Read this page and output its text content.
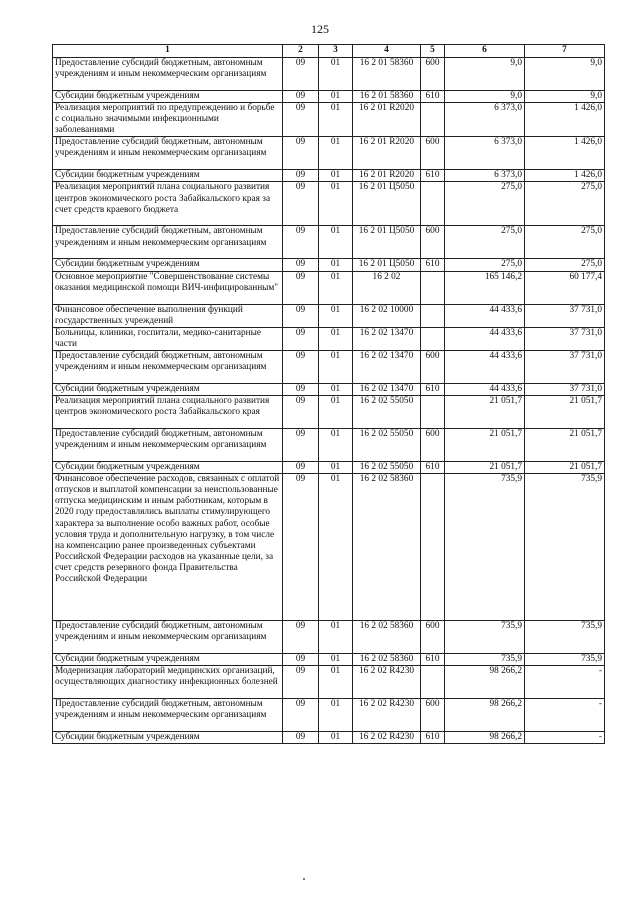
125
1	2	3	4	5	6	7
Предоставление субсидий бюджетным, автономным учреждениям и иным некоммерческим организациям	09	01	16 2 01 58360	600	9,0	9,0
Субсидии бюджетным учреждениям	09	01	16 2 01 58360	610	9,0	9,0
Реализация мероприятий по предупреждению и борьбе с социально значимыми инфекционными заболеваниями	09	01	16 2 01 R2020		6 373,0	1 426,0
Предоставление субсидий бюджетным, автономным учреждениям и иным некоммерческим организациям	09	01	16 2 01 R2020	600	6 373,0	1 426,0
Субсидии бюджетным учреждениям	09	01	16 2 01 R2020	610	6 373,0	1 426,0
Реализация мероприятий плана социального развития центров экономического роста Забайкальского края за счет средств краевого бюджета	09	01	16 2 01 Ц5050		275,0	275,0
Предоставление субсидий бюджетным, автономным учреждениям и иным некоммерческим организациям	09	01	16 2 01 Ц5050	600	275,0	275,0
Субсидии бюджетным учреждениям	09	01	16 2 01 Ц5050	610	275,0	275,0
Основное мероприятие "Совершенствование системы оказания медицинской помощи ВИЧ-инфицированным"	09	01	16 2 02		165 146,2	60 177,4
Финансовое обеспечение выполнения функций государственных учреждений	09	01	16 2 02 10000		44 433,6	37 731,0
Больницы, клиники, госпитали, медико-санитарные части	09	01	16 2 02 13470		44 433,6	37 731,0
Предоставление субсидий бюджетным, автономным учреждениям и иным некоммерческим организациям	09	01	16 2 02 13470	600	44 433,6	37 731,0
Субсидии бюджетным учреждениям	09	01	16 2 02 13470	610	44 433,6	37 731,0
Реализация мероприятий плана социального развития центров экономического роста Забайкальского края	09	01	16 2 02 55050		21 051,7	21 051,7
Предоставление субсидий бюджетным, автономным учреждениям и иным некоммерческим организациям	09	01	16 2 02 55050	600	21 051,7	21 051,7
Субсидии бюджетным учреждениям	09	01	16 2 02 55050	610	21 051,7	21 051,7
Финансовое обеспечение расходов, связанных с оплатой отпусков и выплатой компенсации за неиспользованные отпуска медицинским и иным работникам, которым в 2020 году предоставлялись выплаты стимулирующего характера за выполнение особо важных работ, особые условия труда и дополнительную нагрузку, в том числе на компенсацию ранее произведенных субъектами Российской Федерации расходов на указанные цели, за счет средств резервного фонда Правительства Российской Федерации	09	01	16 2 02 58360		735,9	735,9
Предоставление субсидий бюджетным, автономным учреждениям и иным некоммерческим организациям	09	01	16 2 02 58360	600	735,9	735,9
Субсидии бюджетным учреждениям	09	01	16 2 02 58360	610	735,9	735,9
Модернизация лабораторий медицинских организаций, осуществляющих диагностику инфекционных болезней	09	01	16 2 02 R4230		98 266,2	-
Предоставление субсидий бюджетным, автономным учреждениям и иным некоммерческим организациям	09	01	16 2 02 R4230	600	98 266,2	-
Субсидии бюджетным учреждениям	09	01	16 2 02 R4230	610	98 266,2	-
